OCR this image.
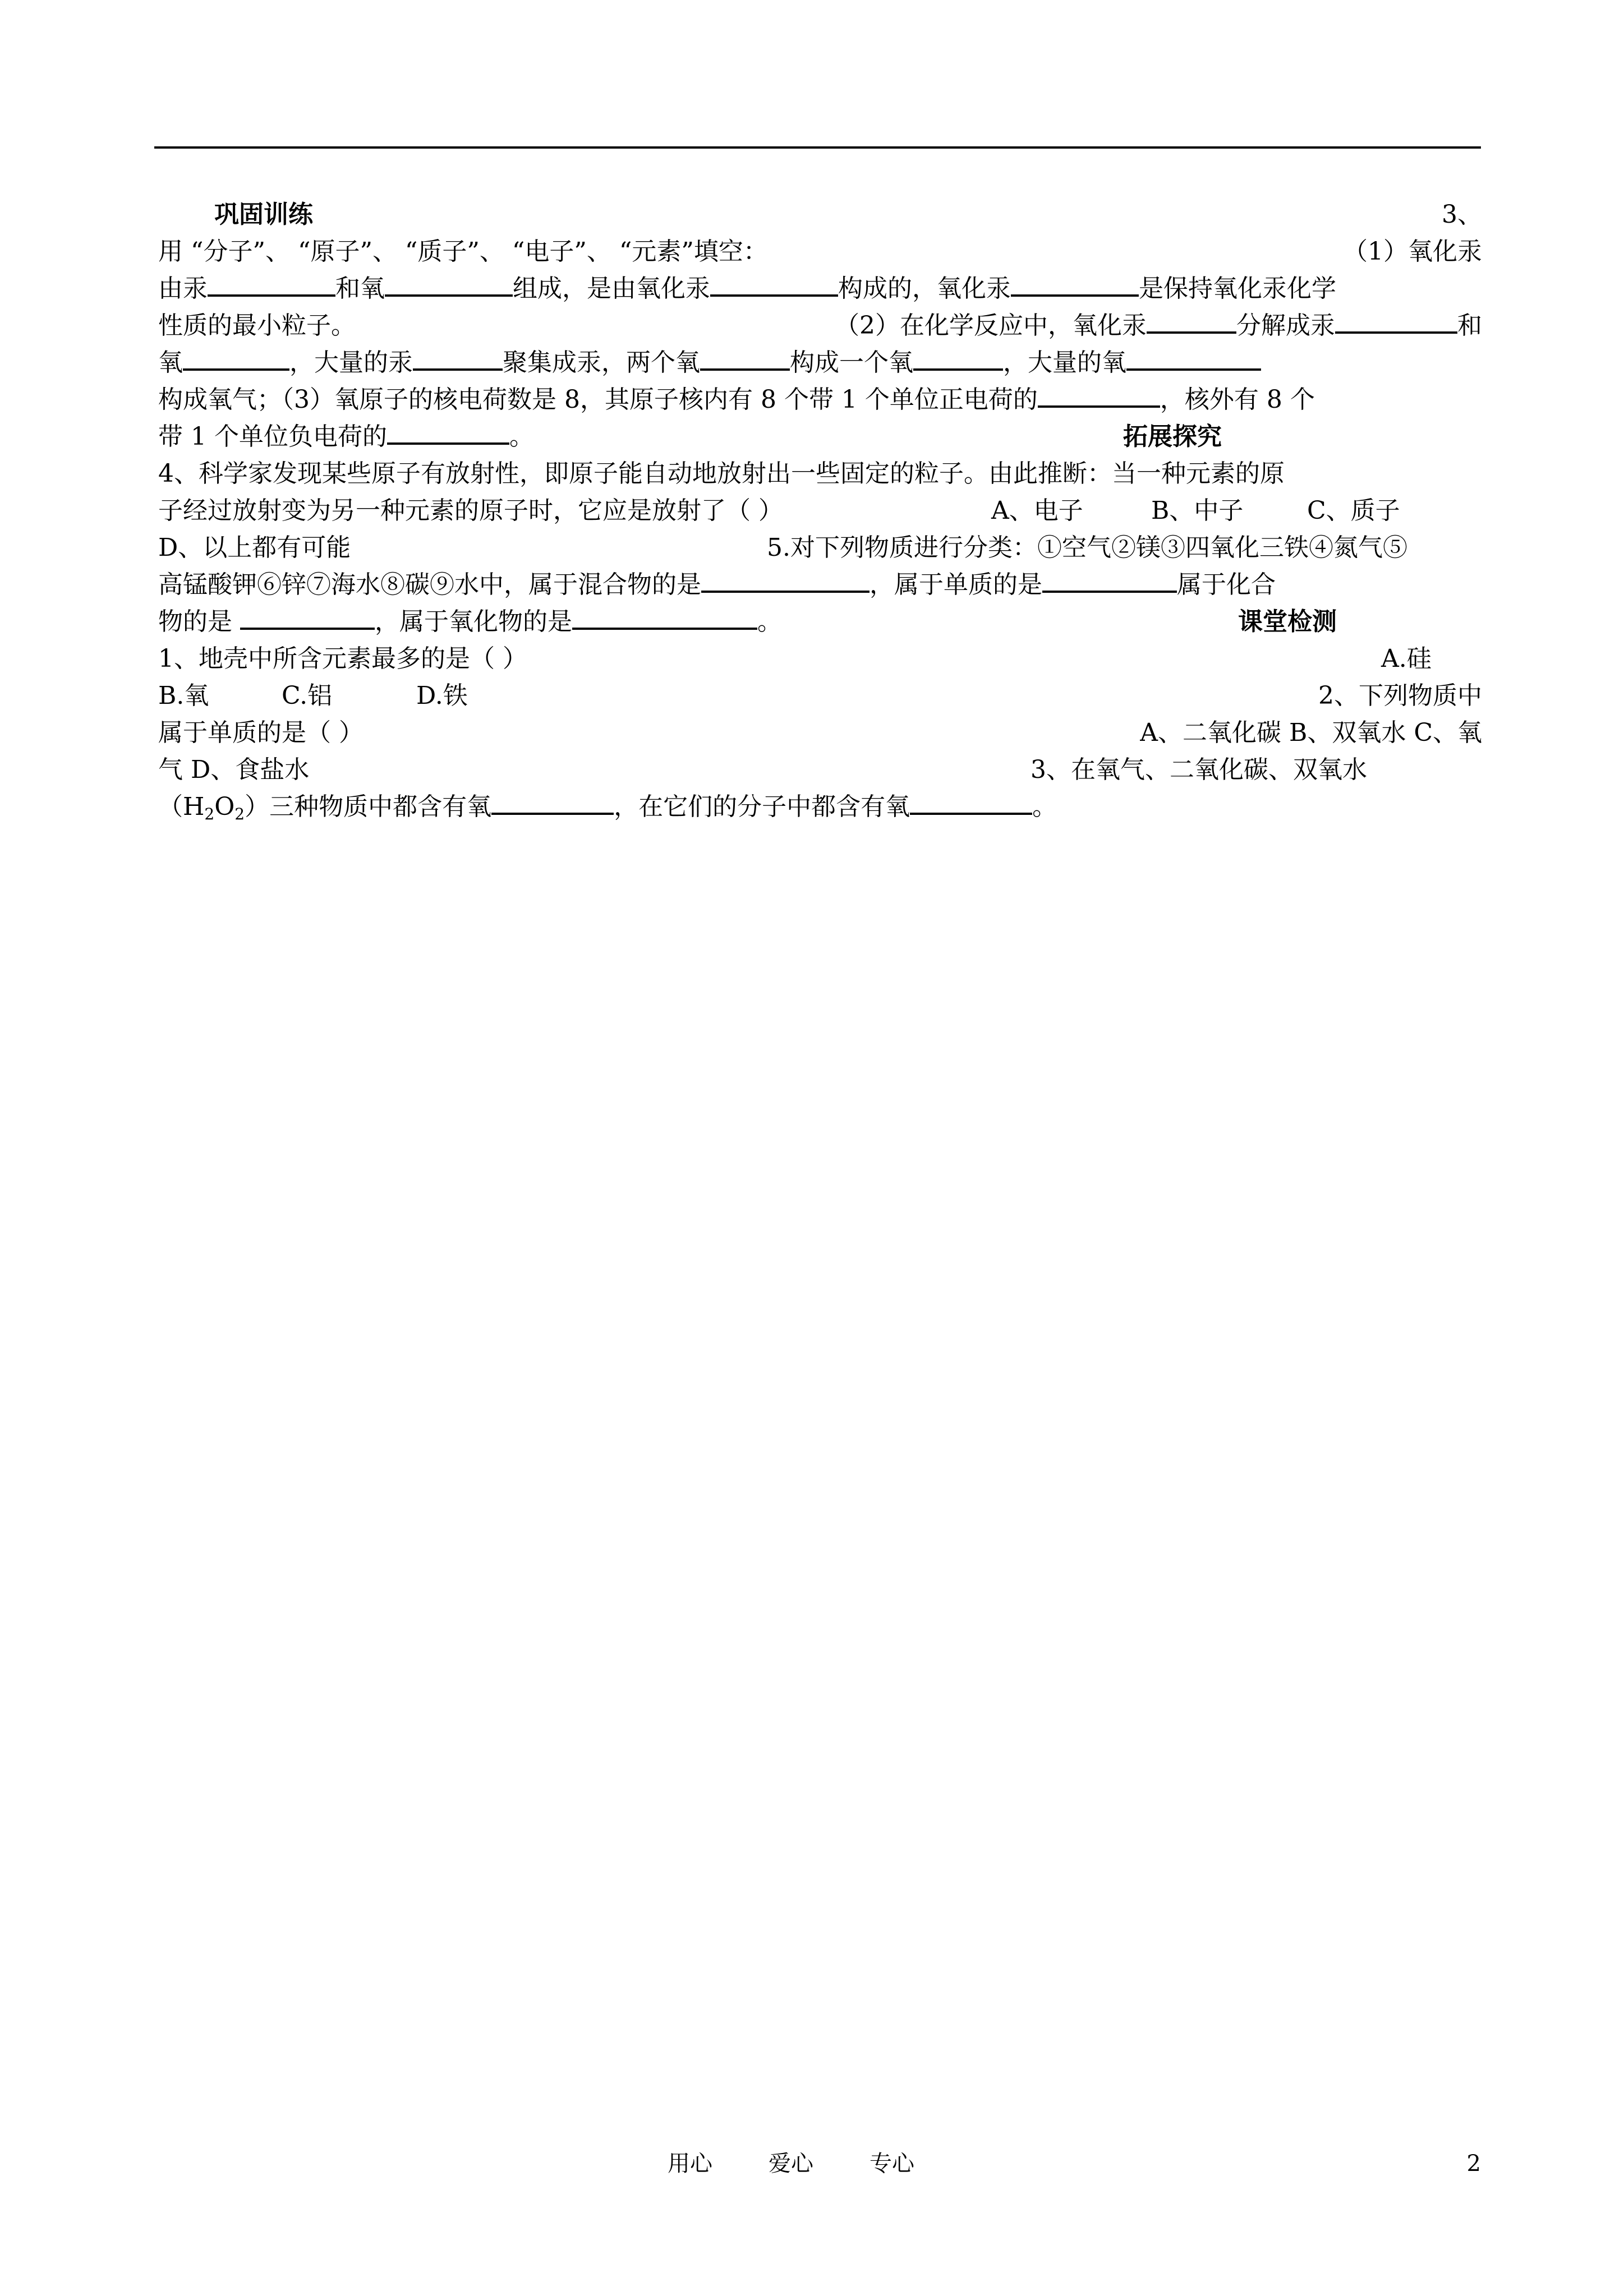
巩固训练	3、
用 “分子”、 “原子”、 “质子”、 “电子”、 “元素”填空：	（1）氧化汞
由汞	和氧	组成，是由氧化汞	构成的，氧化汞	是保持氧化汞化学
性质的最小粒子。	（2）在化学反应中，氧化汞	分解成汞	和
氧	，大量的汞	聚集成汞，两个氧	构成一个氧	，大量的氧
构成氧气；（3）氧原子的核电荷数是 8，其原子核内有 8 个带 1 个单位正电荷的	，核外有 8 个
带 1 个单位负电荷的	。	拓展探究
4、科学家发现某些原子有放射性，即原子能自动地放射出一些固定的粒子。由此推断：当一种元素的原
子经过放射变为另一种元素的原子时，它应是放射了（ ）	A、电子	B、中子	C、质子
D、以上都有可能	5.对下列物质进行分类：①空气②镁③四氧化三铁④氮气⑤
高锰酸钾⑥锌⑦海水⑧碳⑨水中，属于混合物的是	，属于单质的是	属于化合
物的是	，属于氧化物的是	。	课堂检测
1、地壳中所含元素最多的是（ ）	A.硅
B.氧	C.铝	D.铁	2、下列物质中
属于单质的是（ ）	A、二氧化碳 B、双氧水 C、氧
气 D、食盐水	3、在氧气、二氧化碳、双氧水
$(H_2O_2)$三种物质中都含有氧	，在它们的分子中都含有氧	。
用心	爱心	专心	2
